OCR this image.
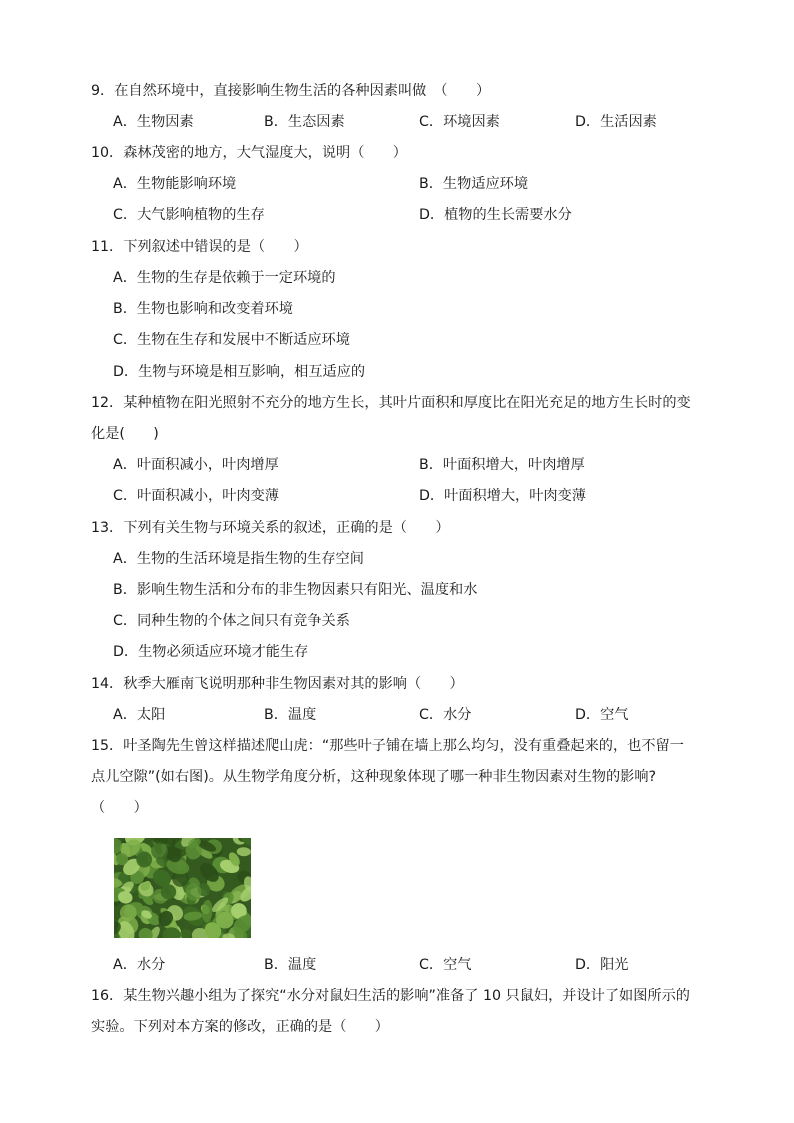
9．在自然环境中，直接影响生物生活的各种因素叫做　（　　）
A．生物因素	B．生态因素	C．环境因素	D．生活因素
10．森林茂密的地方，大气湿度大，说明（　　）
A．生物能影响环境	B．生物适应环境
C．大气影响植物的生存	D．植物的生长需要水分
11．下列叙述中错误的是（　　）
A．生物的生存是依赖于一定环境的
B．生物也影响和改变着环境
C．生物在生存和发展中不断适应环境
D．生物与环境是相互影响，相互适应的
12．某种植物在阳光照射不充分的地方生长，其叶片面积和厚度比在阳光充足的地方生长时的变
化是(　　)
A．叶面积减小，叶肉增厚	B．叶面积增大，叶肉增厚
C．叶面积减小，叶肉变薄	D．叶面积增大，叶肉变薄
13．下列有关生物与环境关系的叙述，正确的是（　　）
A．生物的生活环境是指生物的生存空间
B．影响生物生活和分布的非生物因素只有阳光、温度和水
C．同种生物的个体之间只有竞争关系
D．生物必须适应环境才能生存
14．秋季大雁南飞说明那种非生物因素对其的影响（　　）
A．太阳	B．温度	C．水分	D．空气
15．叶圣陶先生曾这样描述爬山虎：“那些叶子铺在墙上那么均匀，没有重叠起来的，也不留一
点儿空隙”(如右图)。从生物学角度分析，这种现象体现了哪一种非生物因素对生物的影响?
（　　）
A．水分	B．温度	C．空气	D．阳光
16．某生物兴趣小组为了探究“水分对鼠妇生活的影响”准备了 10 只鼠妇，并设计了如图所示的
实验。下列对本方案的修改，正确的是（　　）
